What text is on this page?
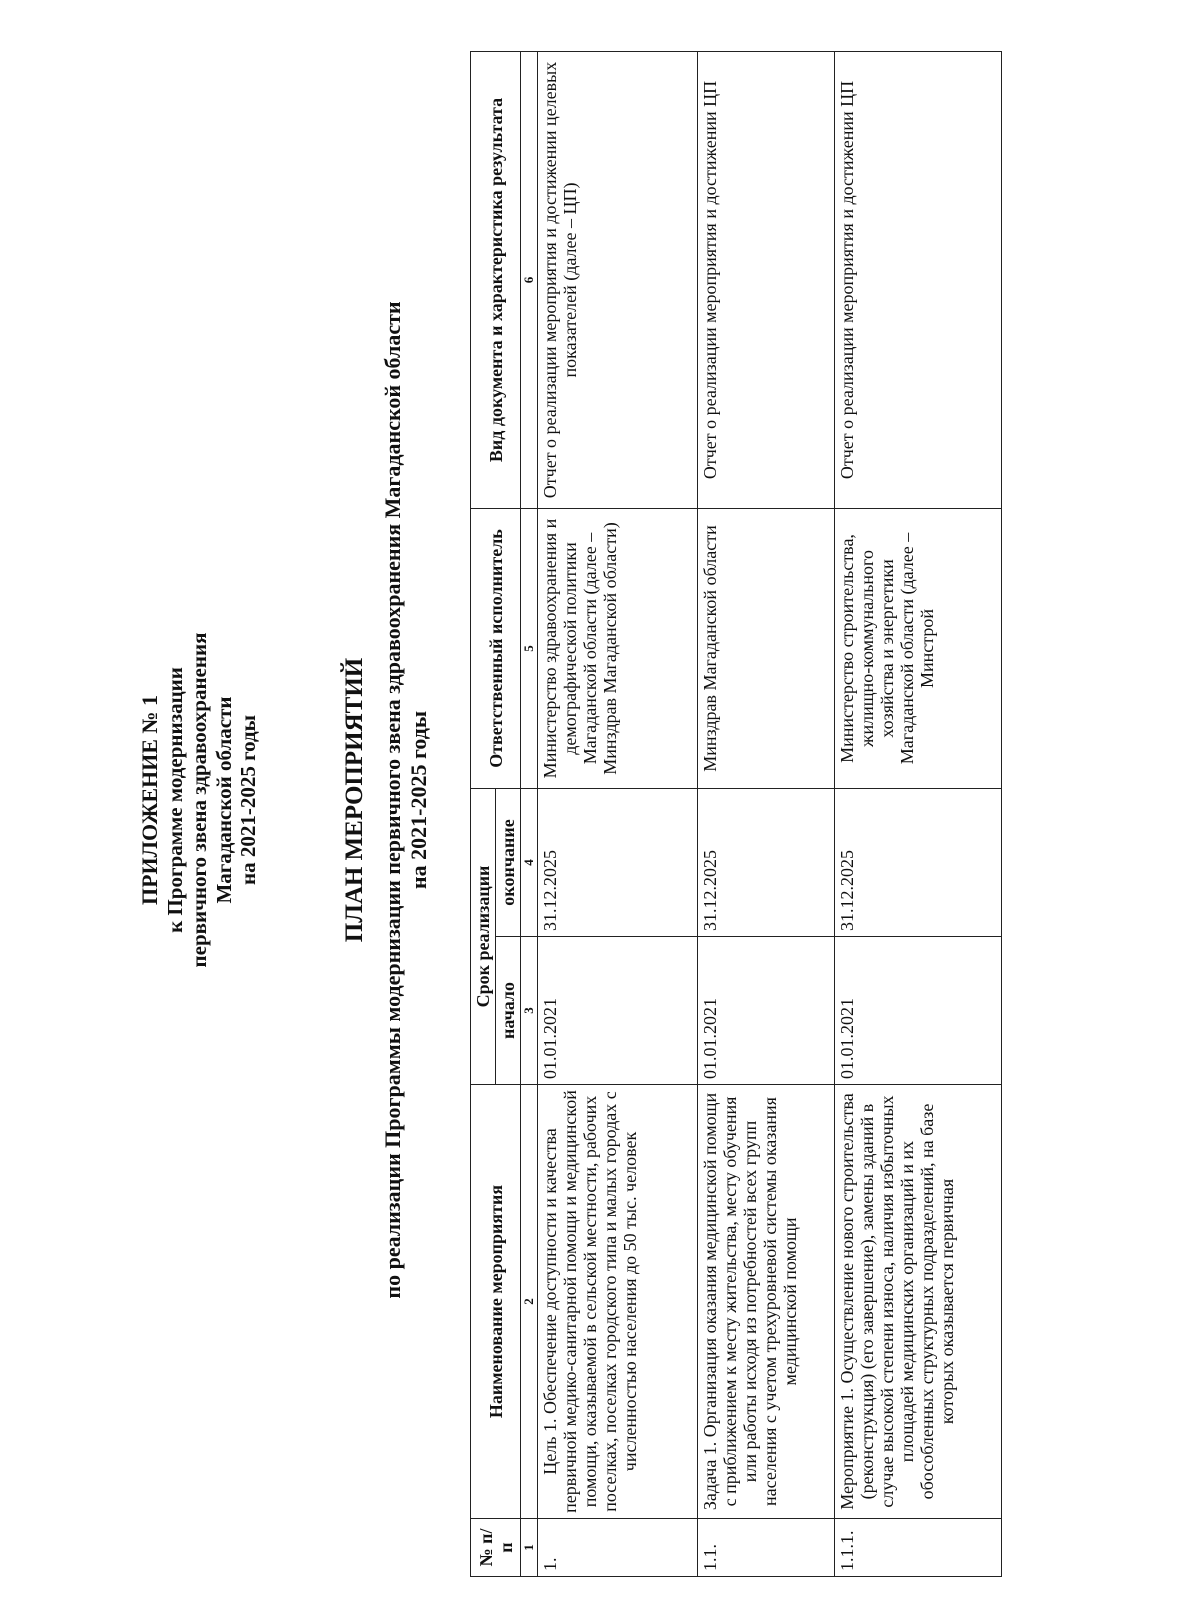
ПРИЛОЖЕНИЕ № 1 к Программе модернизации первичного звена здравоохранения Магаданской области на 2021-2025 годы	ПЛАН МЕРОПРИЯТИЙ по реализации Программы модернизации первичного звена здравоохранения Магаданской области на 2021-2025 годы
№ п/п	Наименование мероприятия	Срок реализации		Ответственный исполнитель	Вид документа и характеристика результата
		начало	окончание		
1	2	3	4	5	6
1.	Цель 1. Обеспечение доступности и качества первичной медико-санитарной помощи и медицинской помощи, оказываемой в сельской местности, рабочих поселках, поселках городского типа и малых городах с численностью населения до 50 тыс. человек	01.01.2021	31.12.2025	Министерство здравоохранения и демографической политики Магаданской области (далее – Минздрав Магаданской области)	Отчет о реализации мероприятия и достижении целевых показателей (далее – ЦП)
1.1.	Задача 1. Организация оказания медицинской помощи с приближением к месту жительства, месту обучения или работы исходя из потребностей всех групп населения с учетом трехуровневой системы оказания медицинской помощи	01.01.2021	31.12.2025	Минздрав Магаданской области	Отчет о реализации мероприятия и достижении ЦП
1.1.1.	Мероприятие 1. Осуществление нового строительства (реконструкция) (его завершение), замены зданий в случае высокой степени износа, наличия избыточных площадей медицинских организаций и их обособленных структурных подразделений, на базе которых оказывается первичная	01.01.2021	31.12.2025	Министерство строительства, жилищно-коммунального хозяйства и энергетики Магаданской области (далее – Минстрой	Отчет о реализации мероприятия и достижении ЦП
